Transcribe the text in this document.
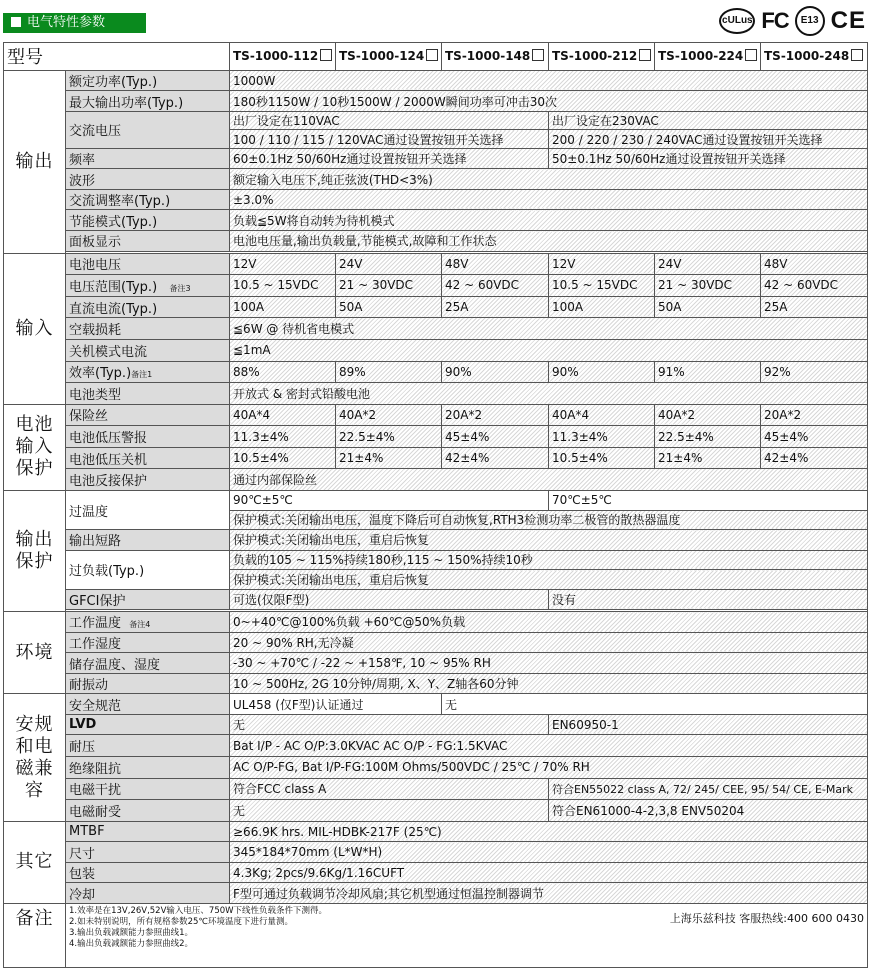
电气特性参数	cULus FC	E13 CE
型号		TS-1000-112	TS-1000-124	TS-1000-148	TS-1000-212	TS-1000-224	TS-1000-248
输出	额定功率(Typ.)	1000W					
	最大输出功率(Typ.)	180秒1150W / 10秒1500W / 2000W瞬间功率可冲击30次					
	交流电压	出厂设定在110VAC			出厂设定在230VAC		
		100 / 110 / 115 / 120VAC通过设置按钮开关选择			200 / 220 / 230 / 240VAC通过设置按钮开关选择		
	频率	60±0.1Hz 50/60Hz通过设置按钮开关选择			50±0.1Hz 50/60Hz通过设置按钮开关选择		
	波形	额定输入电压下,纯正弦波(THD<3%)					
	交流调整率(Typ.)	±3.0%					
	节能模式(Typ.)	负载≦5W将自动转为待机模式					
	面板显示	电池电压量,输出负载量,节能模式,故障和工作状态					

输入	电池电压	12V	24V	48V	12V	24V	48V
	电压范围(Typ.) 备注3	10.5 ~ 15VDC	21 ~ 30VDC	42 ~ 60VDC	10.5 ~ 15VDC	21 ~ 30VDC	42 ~ 60VDC
	直流电流(Typ.)	100A	50A	25A	100A	50A	25A
	空载损耗	≦6W @ 待机省电模式					
	关机模式电流	≦1mA					
	效率(Typ.)备注1	88%	89%	90%	90%	91%	92%
	电池类型	开放式 & 密封式铅酸电池					
电池输入保护	保险丝	40A*4	40A*2	20A*2	40A*4	40A*2	20A*2
	电池低压警报	11.3±4%	22.5±4%	45±4%	11.3±4%	22.5±4%	45±4%
	电池低压关机	10.5±4%	21±4%	42±4%	10.5±4%	21±4%	42±4%
	电池反接保护	通过内部保险丝					
输出保护	过温度	90℃±5℃			70℃±5℃		
		保护模式:关闭输出电压，温度下降后可自动恢复,RTH3检测功率二极管的散热器温度					
	输出短路	保护模式:关闭输出电压，重启后恢复					
	过负载(Typ.)	负载的105 ~ 115%持续180秒,115 ~ 150%持续10秒					
		保护模式:关闭输出电压，重启后恢复					
	GFCI保护	可选(仅限F型)			没有		

环境	工作温度 备注4	0~+40℃@100%负载 +60℃@50%负载					
	工作湿度	20 ~ 90% RH,无冷凝					
	储存温度、湿度	-30 ~ +70℃ / -22 ~ +158℉, 10 ~ 95% RH					
	耐振动	10 ~ 500Hz, 2G 10分钟/周期, X、Y、Z轴各60分钟					
安规和电磁兼容	安全规范	UL458 (仅F型)认证通过		无			
	LVD	无			EN60950-1		
	耐压	Bat I/P - AC O/P:3.0KVAC AC O/P - FG:1.5KVAC					
	绝缘阻抗	AC O/P-FG, Bat I/P-FG:100M Ohms/500VDC / 25℃ / 70% RH					
	电磁干扰	符合FCC class A			符合EN55022 class A, 72/ 245/ CEE, 95/ 54/ CE, E-Mark		
	电磁耐受	无			符合EN61000-4-2,3,8 ENV50204		
其它	MTBF	≥66.9K hrs. MIL-HDBK-217F (25℃)					
	尺寸	345*184*70mm (L*W*H)					
	包装	4.3Kg; 2pcs/9.6Kg/1.16CUFT					
	冷却	F型可通过负载调节冷却风扇;其它机型通过恒温控制器调节					
备注	上海乐兹科技 客服热线:400 600 0430
1.效率是在13V,26V,52V输入电压、750W下线性负载条件下测得。
2.如未特别说明，所有规格参数25℃环境温度下进行量测。
3.输出负载减额能力参照曲线1。
4.输出负载减额能力参照曲线2。						
